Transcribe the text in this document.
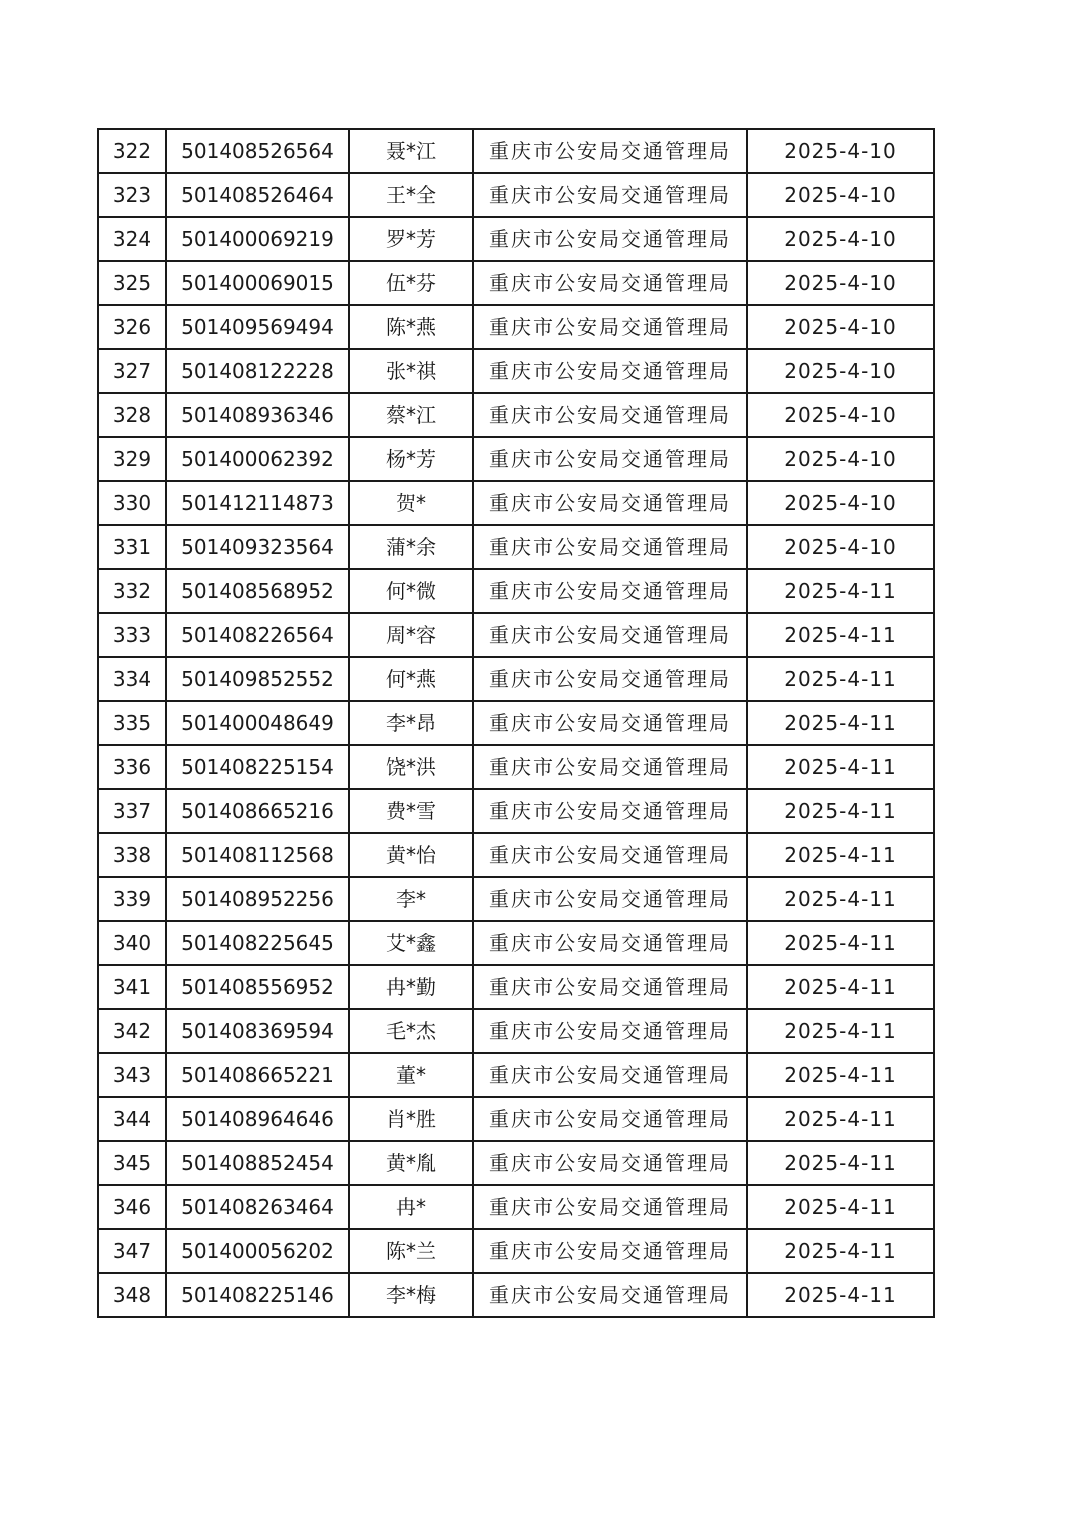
322	501408526564	聂*江	重庆市公安局交通管理局	2025-4-10
323	501408526464	王*全	重庆市公安局交通管理局	2025-4-10
324	501400069219	罗*芳	重庆市公安局交通管理局	2025-4-10
325	501400069015	伍*芬	重庆市公安局交通管理局	2025-4-10
326	501409569494	陈*燕	重庆市公安局交通管理局	2025-4-10
327	501408122228	张*祺	重庆市公安局交通管理局	2025-4-10
328	501408936346	蔡*江	重庆市公安局交通管理局	2025-4-10
329	501400062392	杨*芳	重庆市公安局交通管理局	2025-4-10
330	501412114873	贺*	重庆市公安局交通管理局	2025-4-10
331	501409323564	蒲*余	重庆市公安局交通管理局	2025-4-10
332	501408568952	何*微	重庆市公安局交通管理局	2025-4-11
333	501408226564	周*容	重庆市公安局交通管理局	2025-4-11
334	501409852552	何*燕	重庆市公安局交通管理局	2025-4-11
335	501400048649	李*昂	重庆市公安局交通管理局	2025-4-11
336	501408225154	饶*洪	重庆市公安局交通管理局	2025-4-11
337	501408665216	费*雪	重庆市公安局交通管理局	2025-4-11
338	501408112568	黄*怡	重庆市公安局交通管理局	2025-4-11
339	501408952256	李*	重庆市公安局交通管理局	2025-4-11
340	501408225645	艾*鑫	重庆市公安局交通管理局	2025-4-11
341	501408556952	冉*勤	重庆市公安局交通管理局	2025-4-11
342	501408369594	毛*杰	重庆市公安局交通管理局	2025-4-11
343	501408665221	董*	重庆市公安局交通管理局	2025-4-11
344	501408964646	肖*胜	重庆市公安局交通管理局	2025-4-11
345	501408852454	黄*胤	重庆市公安局交通管理局	2025-4-11
346	501408263464	冉*	重庆市公安局交通管理局	2025-4-11
347	501400056202	陈*兰	重庆市公安局交通管理局	2025-4-11
348	501408225146	李*梅	重庆市公安局交通管理局	2025-4-11
